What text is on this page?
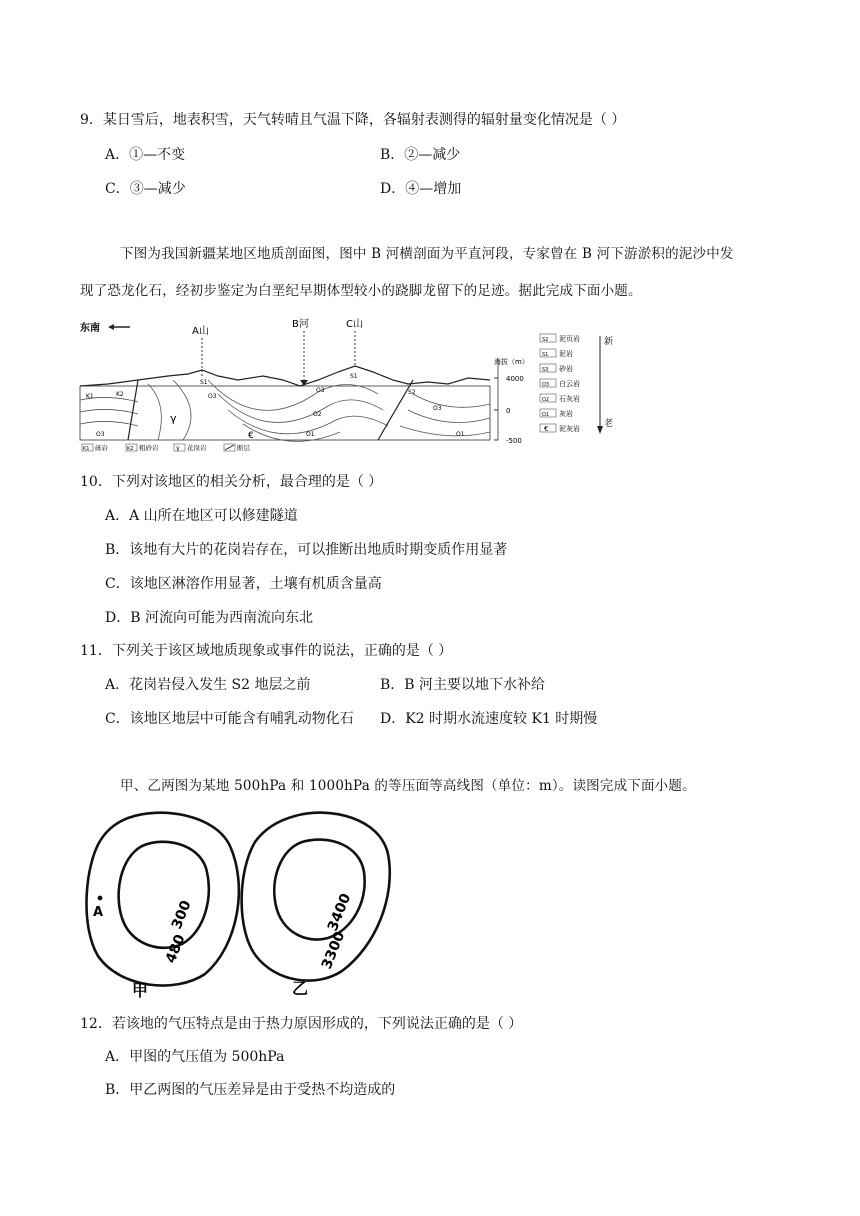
9．某日雪后，地表积雪，天气转晴且气温下降，各辐射表测得的辐射量变化情况是（ ）
A．①—不变	B．②—减少
C．③—减少	D．④—增加
下图为我国新疆某地区地质剖面图，图中 B 河横剖面为平直河段，专家曾在 B 河下游淤积的泥沙中发
现了恐龙化石，经初步鉴定为白垩纪早期体型较小的跷脚龙留下的足迹。据此完成下面小题。
东南	A山
B河	C山
K1	K2
O3
γ
S1
O3
O2
O1
€
O3
S1
O3
O1
S2
海拔（m）
4000
0
-500
S2 泥页岩
S1 泥岩
S3 砂岩
O3 白云岩
O2 石灰岩
O1 灰岩
€ 泥灰岩
新
老
K1 砾岩	K2 粗砂岩	γ 花岗岩	断层
10．下列对该地区的相关分析，最合理的是（ ）
A．A 山所在地区可以修建隧道
B．该地有大片的花岗岩存在，可以推断出地质时期变质作用显著
C．该地区淋溶作用显著，土壤有机质含量高
D．B 河流向可能为西南流向东北
11．下列关于该区域地质现象或事件的说法，正确的是（ ）
A．花岗岩侵入发生 S2 地层之前	B．B 河主要以地下水补给
C．该地区地层中可能含有哺乳动物化石 D．K2 时期水流速度较 K1 时期慢
甲、乙两图为某地 500hPa 和 1000hPa 的等压面等高线图（单位：m）。读图完成下面小题。
A	300
480
甲
3400
3300
乙
12．若该地的气压特点是由于热力原因形成的，下列说法正确的是（ ）
A．甲图的气压值为 500hPa
B．甲乙两图的气压差异是由于受热不均造成的
